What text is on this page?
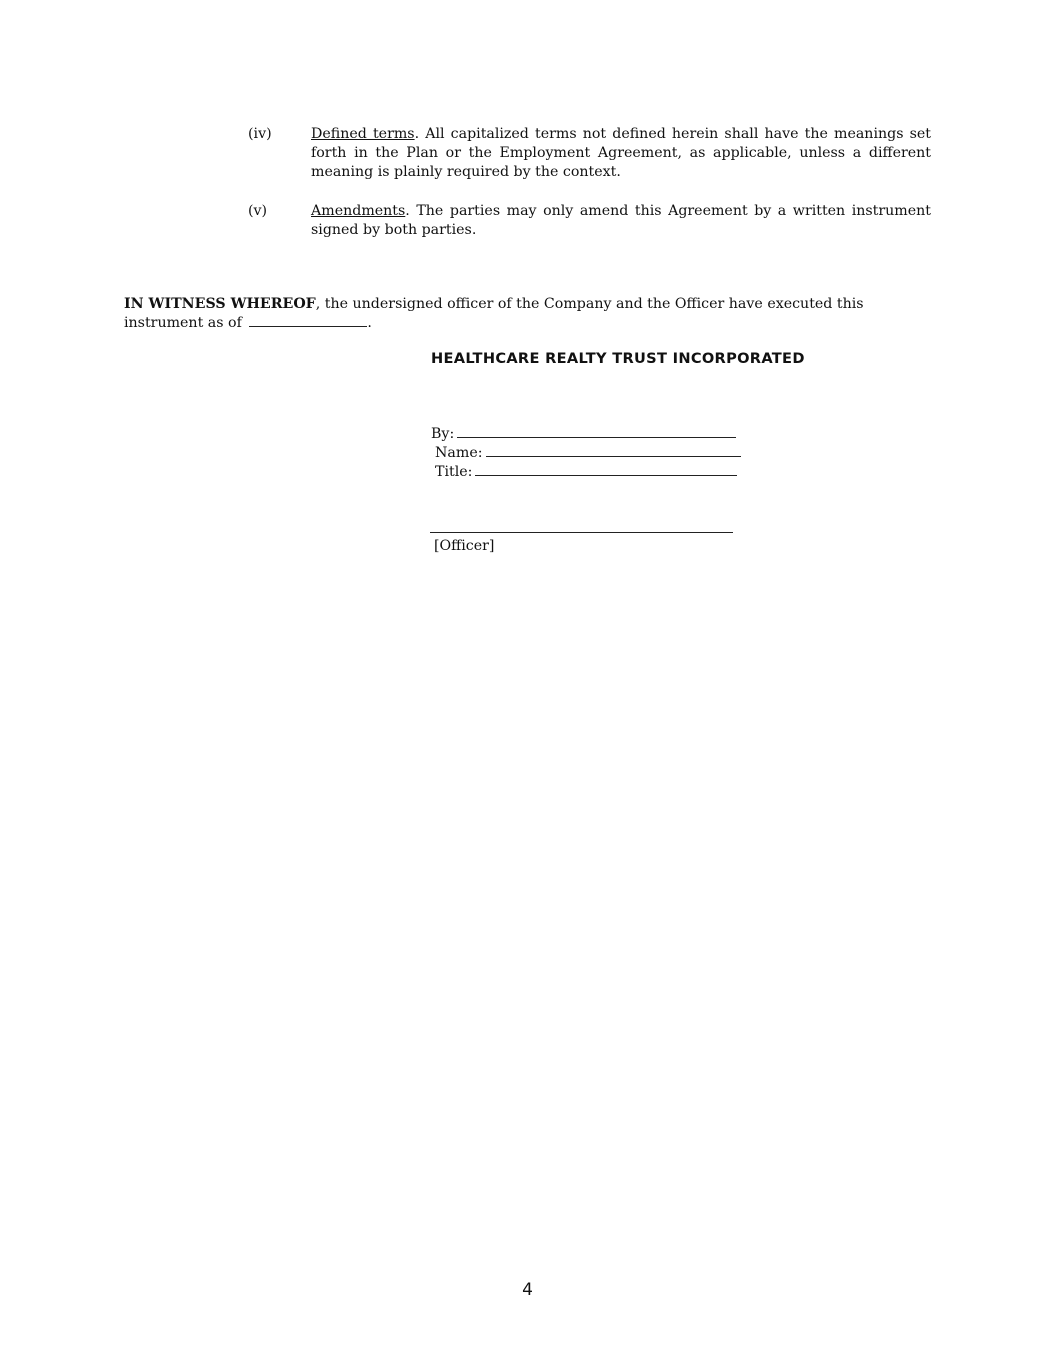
(iv)	Defined terms. All capitalized terms not defined herein shall have the meanings set forth in the Plan or the Employment Agreement, as applicable, unless a different meaning is plainly required by the context.
(v)	Amendments. The parties may only amend this Agreement by a written instrument signed by both parties.
IN WITNESS WHEREOF, the undersigned officer of the Company and the Officer have executed this instrument as of	.
HEALTHCARE REALTY TRUST INCORPORATED
By:
Name:
Title:
[Officer]
4
